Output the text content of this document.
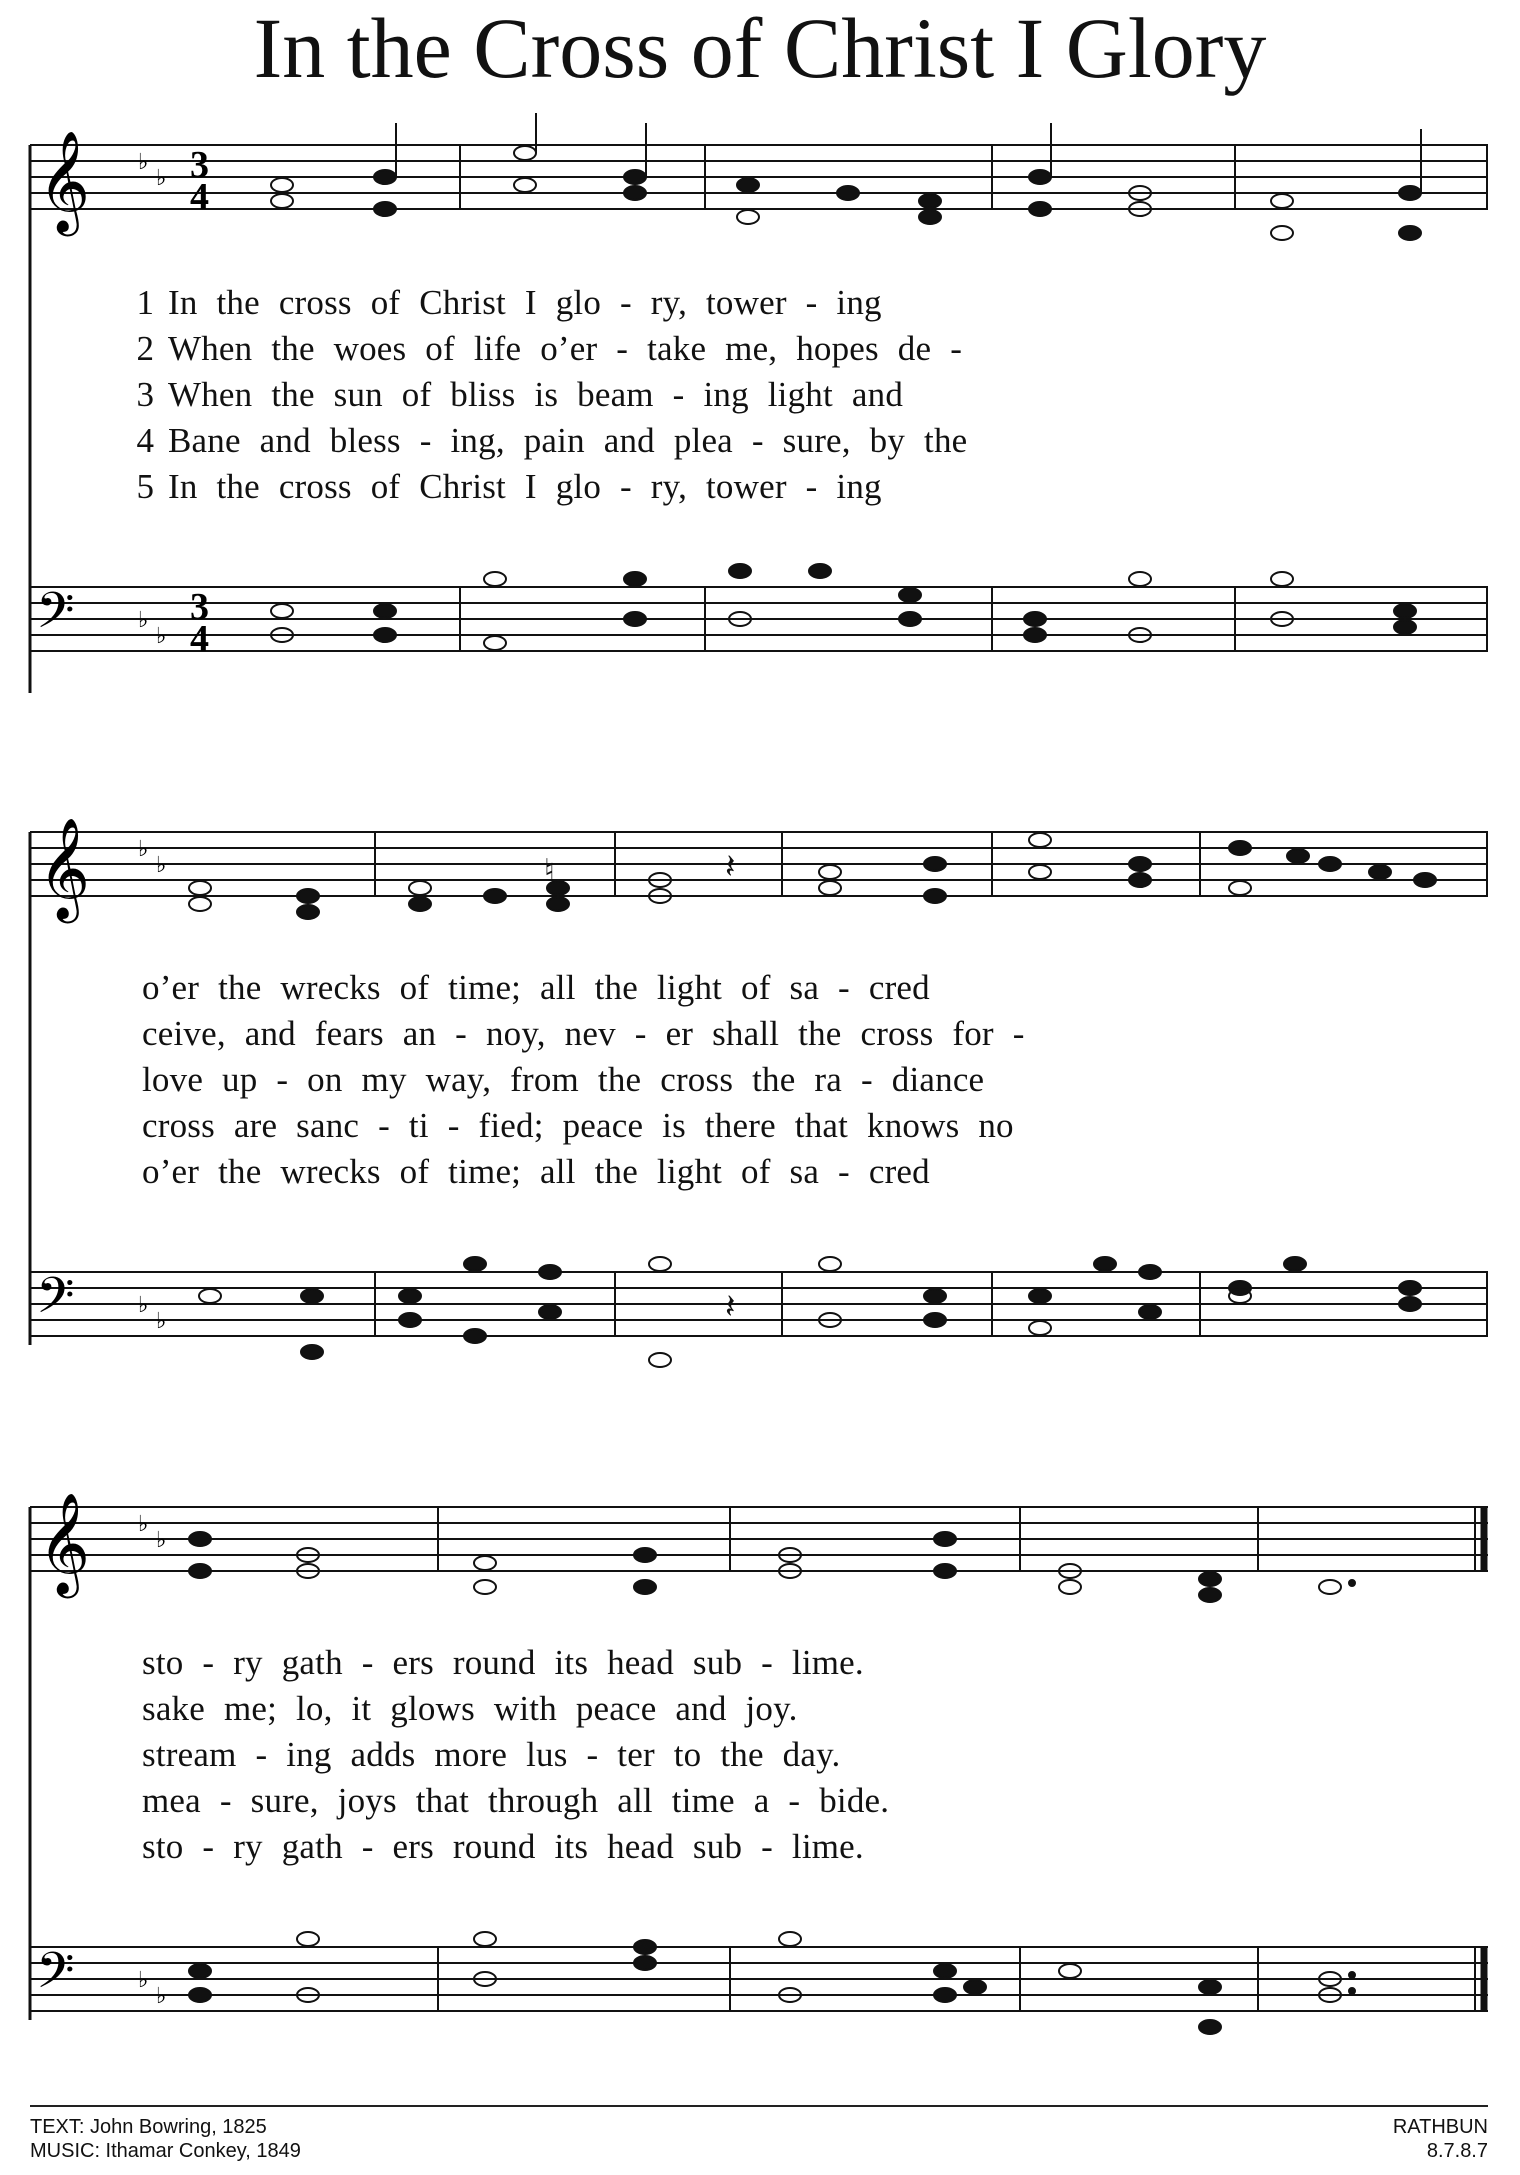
In the Cross of Christ I Glory
𝄞 ♭
♭ 3
4
1 In the cross of Christ I glo - ry, tower - ing
2 When the woes of life o’er - take me, hopes de -
3 When the sun of bliss is beam - ing light and
4 Bane and bless - ing, pain and plea - sure, by the
5 In the cross of Christ I glo - ry, tower - ing
𝄢	♭
♭
3
4
𝄞 ♭
♭	♮	𝄽
o’er the wrecks of time; all the light of sa - cred
ceive, and fears an - noy, nev - er shall the cross for -
love up - on my way, from the cross the ra - diance
cross are sanc - ti - fied; peace is there that knows no
o’er the wrecks of time; all the light of sa - cred
𝄢	♭
♭	𝄽
𝄞 ♭
♭
sto - ry gath - ers round its head sub - lime.
sake me; lo, it glows with peace and joy.
stream - ing adds more lus - ter to the day.
mea - sure, joys that through all time a - bide.
sto - ry gath - ers round its head sub - lime.
𝄢	♭
♭
TEXT: John Bowring, 1825
MUSIC: Ithamar Conkey, 1849
RATHBUN
8.7.8.7
